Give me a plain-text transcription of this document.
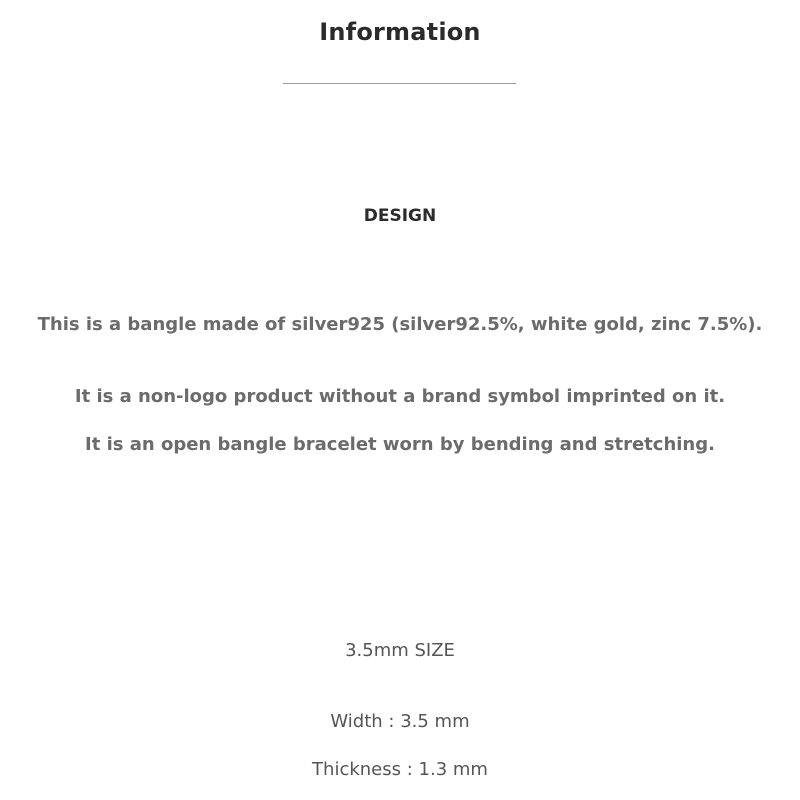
Information
DESIGN
This is a bangle made of silver925 (silver92.5%, white gold, zinc 7.5%).
It is a non-logo product without a brand symbol imprinted on it.
It is an open bangle bracelet worn by bending and stretching.
3.5mm SIZE
Width : 3.5 mm
Thickness : 1.3 mm
